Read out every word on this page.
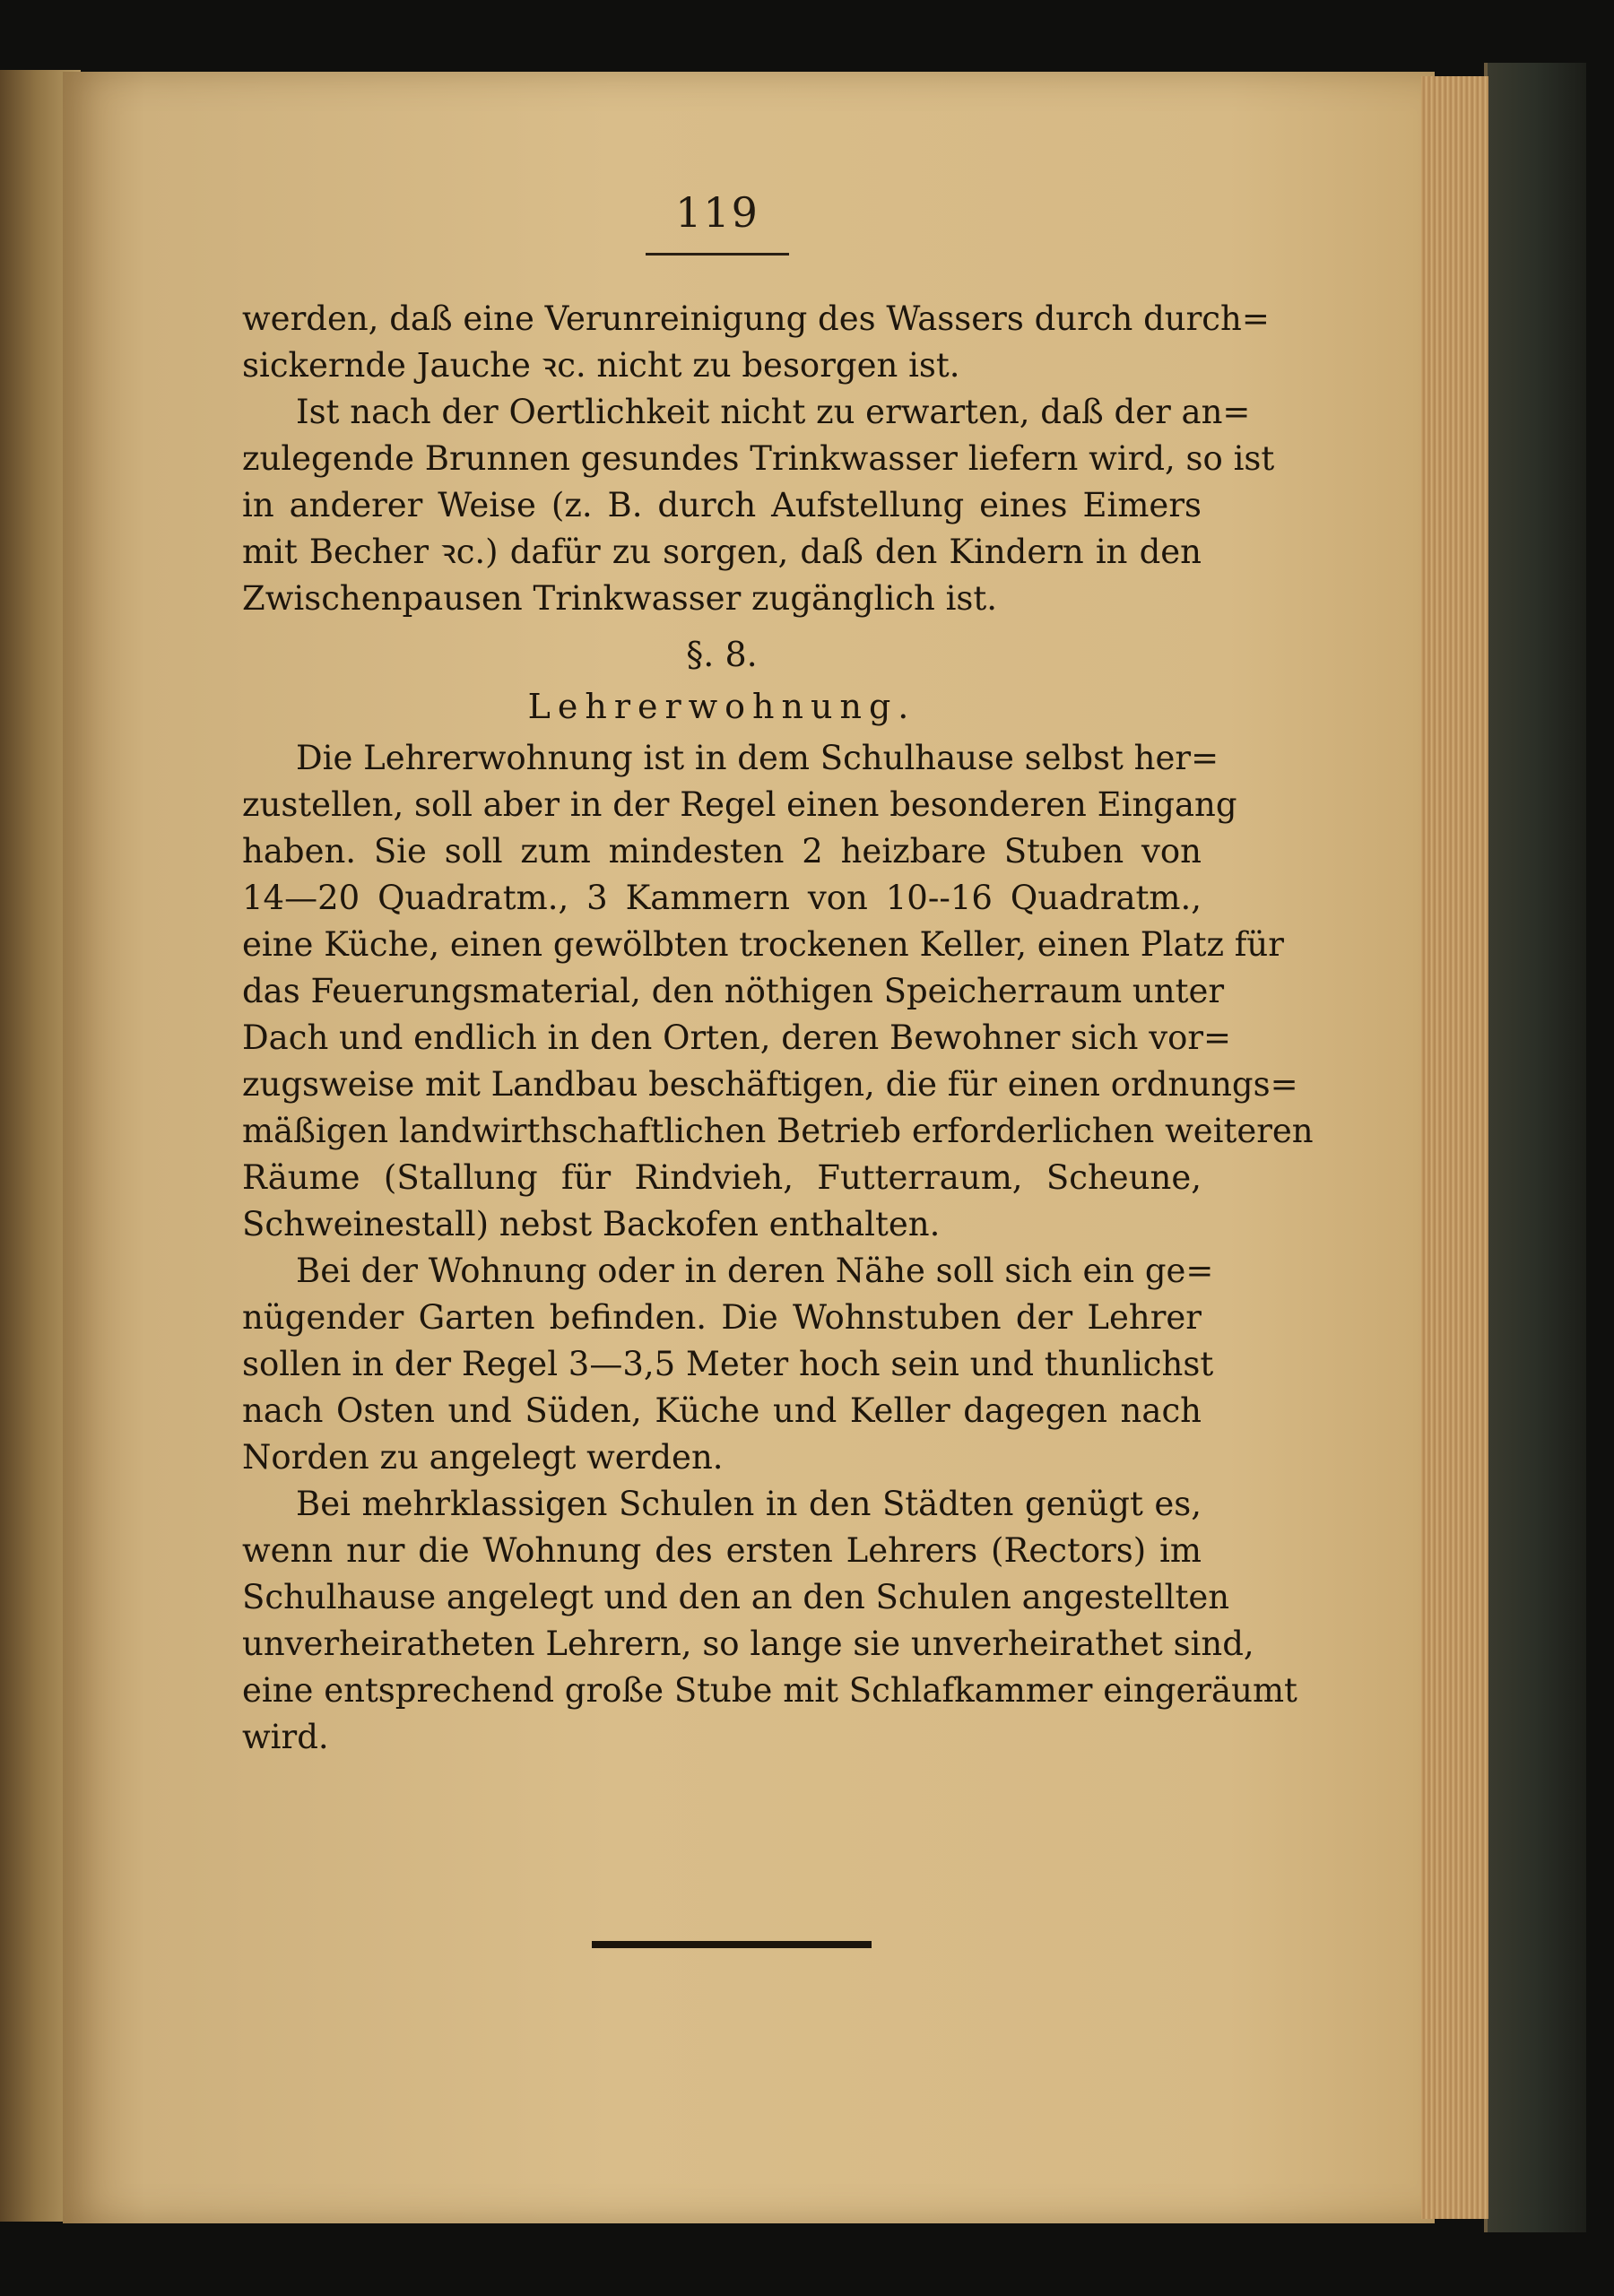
119
werden, daß eine Verunreinigung des Wassers durch durch=
sickernde Jauche ꝛc. nicht zu besorgen ist.
Ist nach der Oertlichkeit nicht zu erwarten, daß der an=
zulegende Brunnen gesundes Trinkwasser liefern wird, so ist
in anderer Weise (z. B. durch Aufstellung eines Eimers
mit Becher ꝛc.) dafür zu sorgen, daß den Kindern in den
Zwischenpausen Trinkwasser zugänglich ist.
§. 8.
Lehrerwohnung.
Die Lehrerwohnung ist in dem Schulhause selbst her=
zustellen, soll aber in der Regel einen besonderen Eingang
haben. Sie soll zum mindesten 2 heizbare Stuben von
14—20 Quadratm., 3 Kammern von 10--16 Quadratm.,
eine Küche, einen gewölbten trockenen Keller, einen Platz für
das Feuerungsmaterial, den nöthigen Speicherraum unter
Dach und endlich in den Orten, deren Bewohner sich vor=
zugsweise mit Landbau beschäftigen, die für einen ordnungs=
mäßigen landwirthschaftlichen Betrieb erforderlichen weiteren
Räume (Stallung für Rindvieh, Futterraum, Scheune,
Schweinestall) nebst Backofen enthalten.
Bei der Wohnung oder in deren Nähe soll sich ein ge=
nügender Garten befinden. Die Wohnstuben der Lehrer
sollen in der Regel 3—3,5 Meter hoch sein und thunlichst
nach Osten und Süden, Küche und Keller dagegen nach
Norden zu angelegt werden.
Bei mehrklassigen Schulen in den Städten genügt es,
wenn nur die Wohnung des ersten Lehrers (Rectors) im
Schulhause angelegt und den an den Schulen angestellten
unverheiratheten Lehrern, so lange sie unverheirathet sind,
eine entsprechend große Stube mit Schlafkammer eingeräumt
wird.
